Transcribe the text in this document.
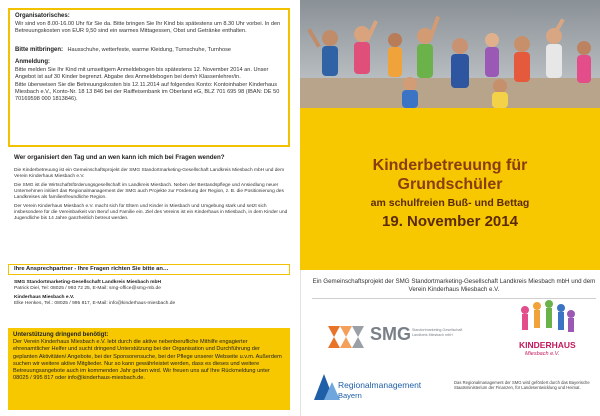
Organisatorisches:
Wir sind von 8.00-16.00 Uhr für Sie da. Bitte bringen Sie Ihr Kind bis spätestens um 8.30 Uhr vorbei. In den Betreuungskosten von EUR 9,50 sind ein warmes Mittagessen, Obst und Getränke enthalten.
Bitte mitbringen: Hausschuhe, wetterfeste, warme Kleidung, Turnschuhe, Turnhose
Anmeldung:
Bitte melden Sie Ihr Kind mit umseitigem Anmeldebogen bis spätestens 12. November 2014 an. Unser Angebot ist auf 30 Kinder begrenzt. Abgabe des Anmeldebogen bei dem/r Klassenlehrer/in.
Bitte überweisen Sie die Betreuungskosten bis 12.11.2014 auf folgendes Konto: Kontoinhaber Kinderhaus Miesbach e.V., Konto-Nr. 18 13 846 bei der Raiffeisenbank im Oberland eG, BLZ 701 695 98 (IBAN: DE 50 70169598 000 1813846).
Wer organisiert den Tag und an wen kann ich mich bei Fragen wenden?

Die Kinderbetreuung ist ein Gemeinschaftsprojekt der SMG Standortmarketing-Gesellschaft Landkreis Miesbach mbH und dem Verein Kinderhaus Miesbach e.V.

Die SMG ist die Wirtschaftsförderungsgesellschaft im Landkreis Miesbach. Neben der Bestandspflege und Ansiedlung neuer Unternehmen initiiert das Regionalmanagement der SMG auch Projekte zur Förderung der Region, z. B. die Positionierung des Landkreises als familienfreundliche Region.

Der Verein Kinderhaus Miesbach e.V. macht sich für Eltern und Kinder in Miesbach und Umgebung stark und setzt sich insbesondere für die Vereinbarkeit von Beruf und Familie ein. Ziel des Vereins ist ein Kinderhaus in Miesbach, in dem Kinder und Jugendliche bis 14 Jahre ganzheitlich betreut werden.

Ihre Ansprechpartner - Ihre Fragen richten Sie bitte an…
SMG Standortmarketing-Gesellschaft Landkreis Miesbach mbH
Patrick Diel, Tel: 08025 / 993 72 25, E-Mail: smg-office@smg-mb.de
Kinderhaus Miesbach e.V.
Elke Henkes, Tel.: 08025 / 995 817, E-Mail: info@kinderhaus-miesbach.de
Unterstützung dringend benötigt:
Der Verein Kinderhaus Miesbach e.V. lebt durch die aktive nebenberufliche Mithilfe engagierter ehrenamtlicher Helfer und sucht dringend Unterstützung bei der Organisation und Durchführung der geplanten Aktivitäten/ Angebote, bei der Sponsorensuche, bei der Pflege unserer Webseite u.v.m. Außerdem suchen wir weitere aktive Mitglieder. Nur so kann gewährleistet werden, dass es dieses und weitere Betreuungsangebote auch im kommenden Jahr geben wird. Wir freuen uns auf Ihre Rückmeldung unter 08025 / 995 817 oder info@kinderhaus-miesbach.de.
Kinderbetreuung für
Grundschüler
am schulfreien Buß- und Bettag
19. November 2014
Ein Gemeinschaftsprojekt der SMG Standortmarketing-Gesellschaft Landkreis Miesbach mbH und dem Verein Kinderhaus Miesbach e.V.
SMG Standortmarketing-Gesellschaft Landkreis Miesbach mbH
KINDERHAUS
Miesbach e.V.
Regionalmanagement
Bayern
Das Regionalmanagement der SMG wird gefördert durch das Bayerische Staatsministerium der Finanzen, für Landesentwicklung und Heimat.
